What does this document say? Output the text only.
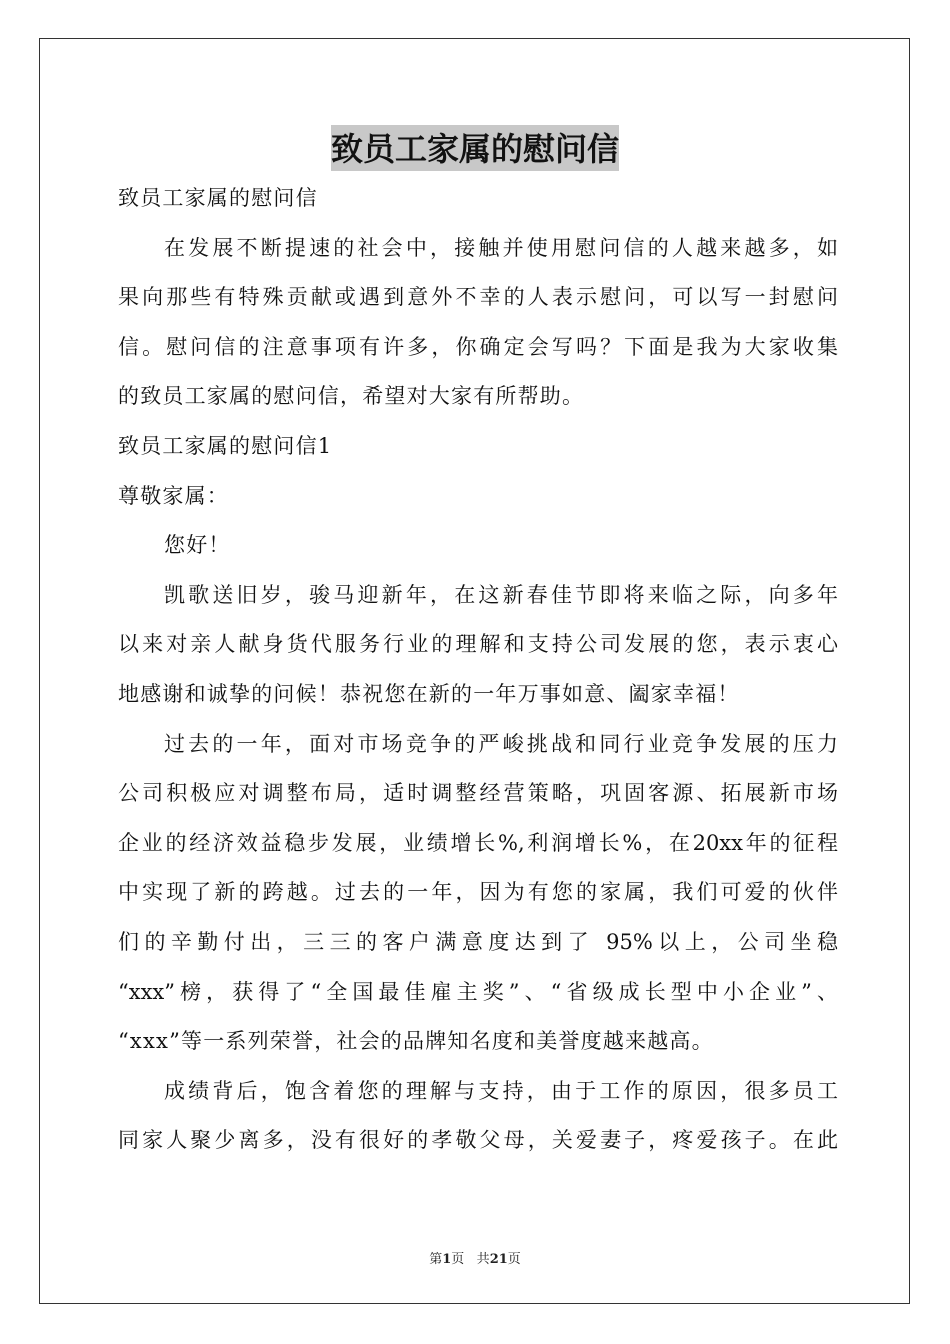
致员工家属的慰问信
致员工家属的慰问信
在发展不断提速的社会中，接触并使用慰问信的人越来越多，如
果向那些有特殊贡献或遇到意外不幸的人表示慰问，可以写一封慰问
信。慰问信的注意事项有许多，你确定会写吗？下面是我为大家收集
的致员工家属的慰问信，希望对大家有所帮助。
致员工家属的慰问信1
尊敬家属：
您好！
凯歌送旧岁，骏马迎新年，在这新春佳节即将来临之际，向多年
以来对亲人献身货代服务行业的理解和支持公司发展的您，表示衷心
地感谢和诚挚的问候！恭祝您在新的一年万事如意、阖家幸福！
过去的一年，面对市场竞争的严峻挑战和同行业竞争发展的压力
公司积极应对调整布局，适时调整经营策略，巩固客源、拓展新市场
企业的经济效益稳步发展，业绩增长%,利润增长%，在20xx年的征程
中实现了新的跨越。过去的一年，因为有您的家属，我们可爱的伙伴
们的辛勤付出，三三的客户满意度达到了 95%以上，公司坐稳
“xxx”榜，获得了“全国最佳雇主奖”、“省级成长型中小企业”、
“xxx”等一系列荣誉，社会的品牌知名度和美誉度越来越高。
成绩背后，饱含着您的理解与支持，由于工作的原因，很多员工
同家人聚少离多，没有很好的孝敬父母，关爱妻子，疼爱孩子。在此
第1页 共21页
